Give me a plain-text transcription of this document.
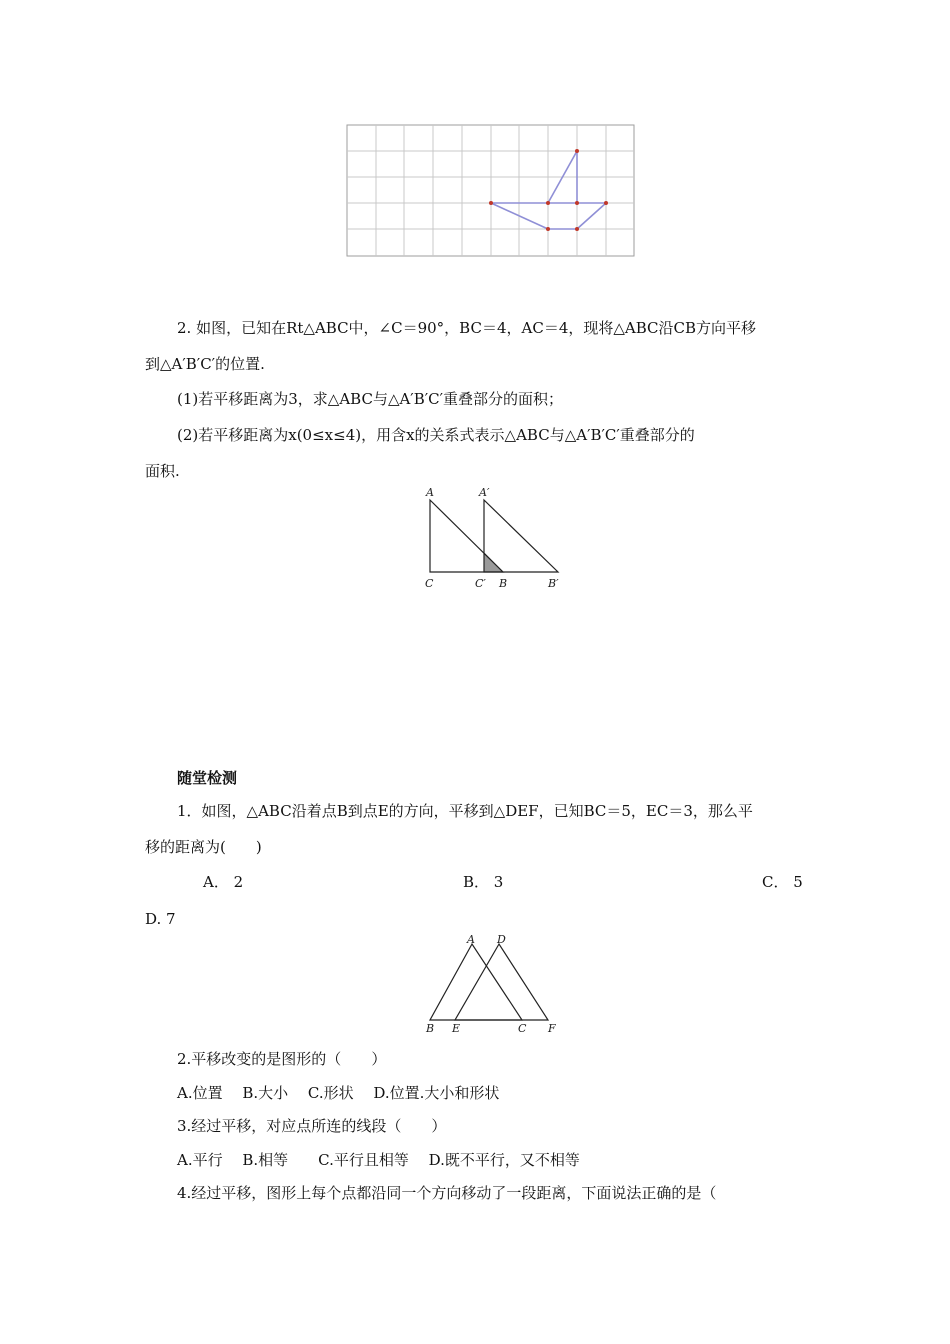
2. 如图，已知在Rt△ABC中，∠C＝90°，BC＝4，AC＝4，现将△ABC沿CB方向平移
到△A′B′C′的位置.
(1)若平移距离为3，求△ABC与△A′B′C′重叠部分的面积；
(2)若平移距离为x(0≤x≤4)，用含x的关系式表示△ABC与△A′B′C′重叠部分的
面积.
A	A′
C	C′ B	B′
随堂检测
1．如图，△ABC沿着点B到点E的方向，平移到△DEF，已知BC＝5，EC＝3，那么平
移的距离为(　　)
A． 2	B． 3	C． 5
D. 7
A D
B E	C F
2.平移改变的是图形的（　　）
A.位置　 B.大小　 C.形状　 D.位置.大小和形状
3.经过平移，对应点所连的线段（　　）
A.平行　 B.相等　　C.平行且相等　 D.既不平行，又不相等
4.经过平移，图形上每个点都沿同一个方向移动了一段距离，下面说法正确的是（
